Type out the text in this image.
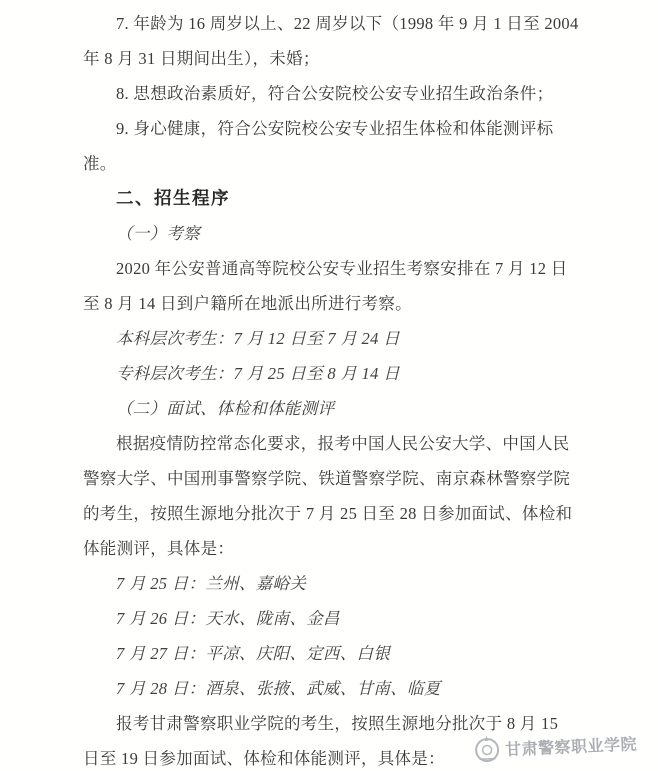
7. 年龄为 16 周岁以上、22 周岁以下（1998 年 9 月 1 日至 2004
年 8 月 31 日期间出生），未婚；
8. 思想政治素质好，符合公安院校公安专业招生政治条件；
9. 身心健康，符合公安院校公安专业招生体检和体能测评标
准。
二、招生程序
（一）考察
2020 年公安普通高等院校公安专业招生考察安排在 7 月 12 日
至 8 月 14 日到户籍所在地派出所进行考察。
本科层次考生：7 月 12 日至 7 月 24 日
专科层次考生：7 月 25 日至 8 月 14 日
（二）面试、体检和体能测评
根据疫情防控常态化要求，报考中国人民公安大学、中国人民
警察大学、中国刑事警察学院、铁道警察学院、南京森林警察学院
的考生，按照生源地分批次于 7 月 25 日至 28 日参加面试、体检和
体能测评，具体是：
7 月 25 日：兰州、嘉峪关
7 月 26 日：天水、陇南、金昌
7 月 27 日：平凉、庆阳、定西、白银
7 月 28 日：酒泉、张掖、武威、甘南、临夏
报考甘肃警察职业学院的考生，按照生源地分批次于 8 月 15
日至 19 日参加面试、体检和体能测评，具体是：	甘肃警察职业学院
